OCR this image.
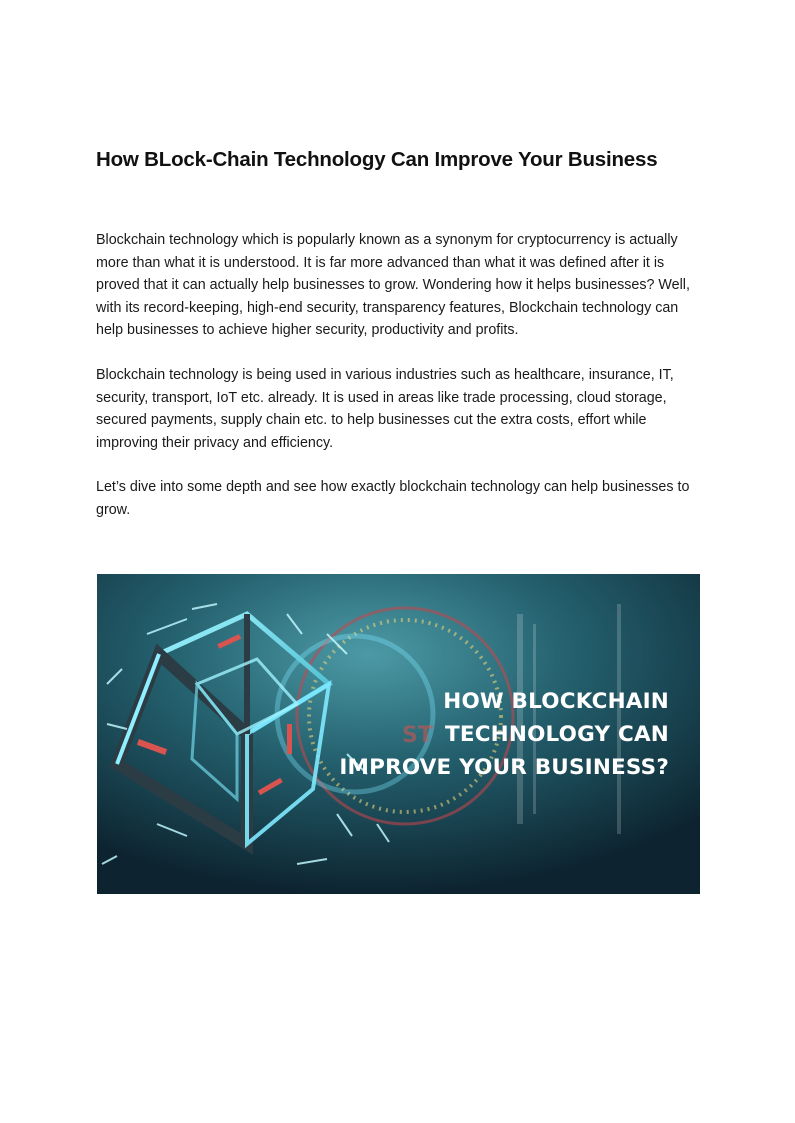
How BLock-Chain Technology Can Improve Your Business

Blockchain technology which is popularly known as a synonym for cryptocurrency is actually more than what it is understood. It is far more advanced than what it was defined after it is proved that it can actually help businesses to grow. Wondering how it helps businesses? Well, with its record-keeping, high-end security, transparency features, Blockchain technology can help businesses to achieve higher security, productivity and profits.

Blockchain technology is being used in various industries such as healthcare, insurance, IT, security, transport, IoT etc. already. It is used in areas like trade processing, cloud storage, secured payments, supply chain etc. to help businesses cut the extra costs, effort while improving their privacy and efficiency.

Let’s dive into some depth and see how exactly blockchain technology can help businesses to grow.

ST
HOW BLOCKCHAIN
TECHNOLOGY CAN
IMPROVE YOUR BUSINESS?
